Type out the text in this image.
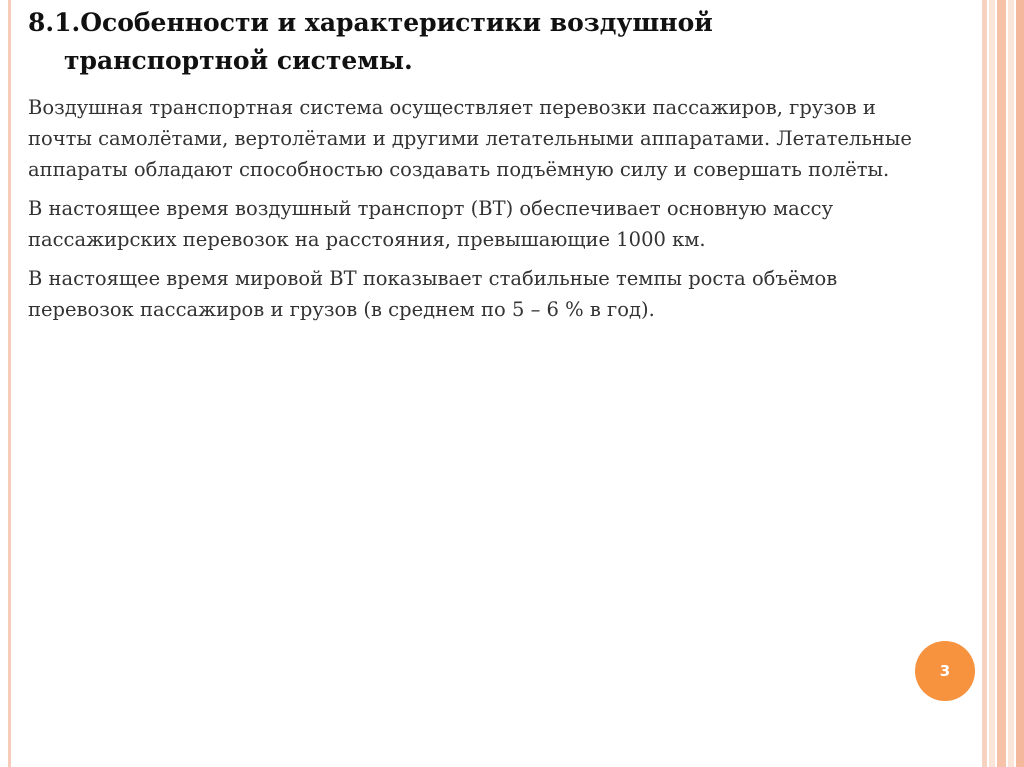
8.1.Особенности и характеристики воздушной
транспортной системы.

Воздушная транспортная система осуществляет перевозки пассажиров, грузов и почты самолётами, вертолётами и другими летательными аппаратами. Летательные аппараты обладают способностью создавать подъёмную силу и совершать полёты.

В настоящее время воздушный транспорт (ВТ) обеспечивает основную массу пассажирских перевозок на расстояния, превышающие 1000 км.

В настоящее время мировой ВТ показывает стабильные темпы роста объёмов перевозок пассажиров и грузов (в среднем по 5 – 6 % в год).

3
